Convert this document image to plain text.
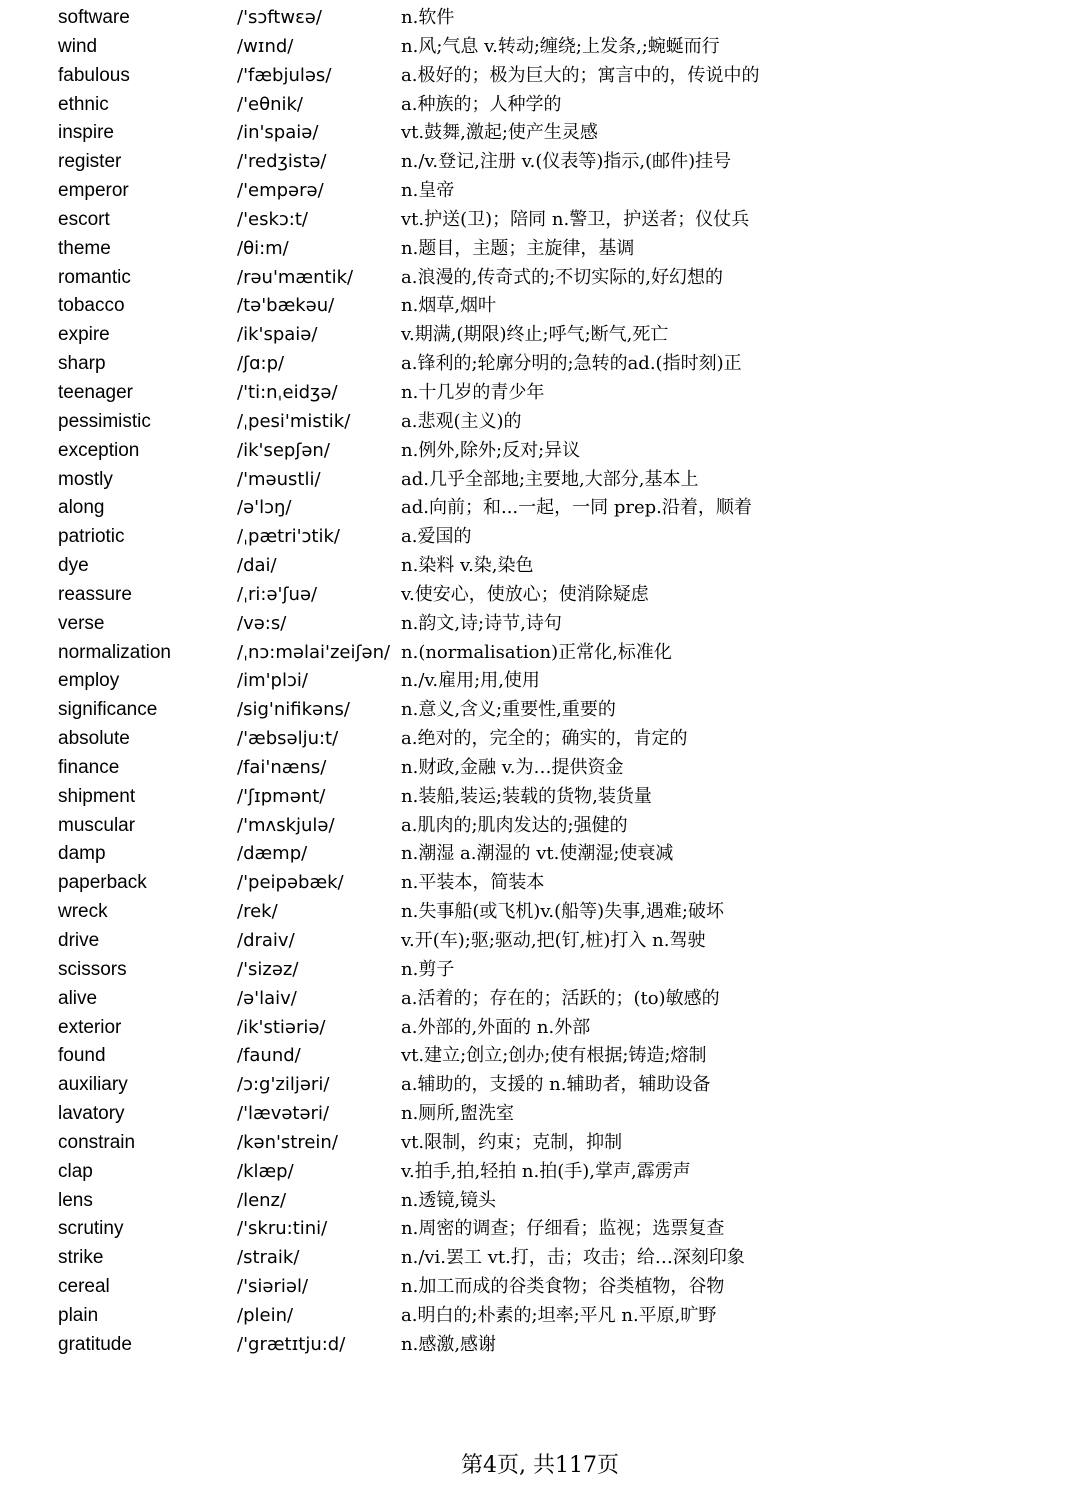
software	/'sɔftwεə/	n.软件
wind	/wɪnd/	n.风;气息 v.转动;缠绕;上发条,;蜿蜒而行
fabulous	/'fæbjuləs/	a.极好的；极为巨大的；寓言中的，传说中的
ethnic	/'eθnik/	a.种族的；人种学的
inspire	/in'spaiə/	vt.鼓舞,激起;使产生灵感
register	/'redʒistə/	n./v.登记,注册 v.(仪表等)指示,(邮件)挂号
emperor	/'empərə/	n.皇帝
escort	/'eskɔ:t/	vt.护送(卫)；陪同 n.警卫，护送者；仪仗兵
theme	/θi:m/	n.题目，主题；主旋律，基调
romantic	/rəu'mæntik/	a.浪漫的,传奇式的;不切实际的,好幻想的
tobacco	/tə'bækəu/	n.烟草,烟叶
expire	/ik'spaiə/	v.期满,(期限)终止;呼气;断气,死亡
sharp	/ʃɑ:p/	a.锋利的;轮廓分明的;急转的ad.(指时刻)正
teenager	/'ti:nˌeidʒə/	n.十几岁的青少年
pessimistic	/ˌpesi'mistik/	a.悲观(主义)的
exception	/ik'sepʃən/	n.例外,除外;反对;异议
mostly	/'məustli/	ad.几乎全部地;主要地,大部分,基本上
along	/ə'lɔŋ/	ad.向前；和...一起，一同 prep.沿着，顺着
patriotic	/ˌpætri'ɔtik/	a.爱国的
dye	/dai/	n.染料 v.染,染色
reassure	/ˌri:ə'ʃuə/	v.使安心，使放心；使消除疑虑
verse	/və:s/	n.韵文,诗;诗节,诗句
normalization	/ˌnɔ:məlai'zeiʃən/ n.(normalisation)正常化,标准化
employ	/im'plɔi/	n./v.雇用;用,使用
significance	/sig'nifikəns/	n.意义,含义;重要性,重要的
absolute	/'æbsəlju:t/	a.绝对的，完全的；确实的，肯定的
finance	/fai'næns/	n.财政,金融 v.为…提供资金
shipment	/'ʃɪpmənt/	n.装船,装运;装载的货物,装货量
muscular	/'mʌskjulə/	a.肌肉的;肌肉发达的;强健的
damp	/dæmp/	n.潮湿 a.潮湿的 vt.使潮湿;使衰减
paperback	/'peipəbæk/	n.平装本，简装本
wreck	/rek/	n.失事船(或飞机)v.(船等)失事,遇难;破坏
drive	/draiv/	v.开(车);驱;驱动,把(钉,桩)打入 n.驾驶
scissors	/'sizəz/	n.剪子
alive	/ə'laiv/	a.活着的；存在的；活跃的；(to)敏感的
exterior	/ik'stiəriə/	a.外部的,外面的 n.外部
found	/faund/	vt.建立;创立;创办;使有根据;铸造;熔制
auxiliary	/ɔ:g'ziljəri/	a.辅助的，支援的 n.辅助者，辅助设备
lavatory	/'lævətəri/	n.厕所,盥洗室
constrain	/kən'strein/	vt.限制，约束；克制，抑制
clap	/klæp/	v.拍手,拍,轻拍 n.拍(手),掌声,霹雳声
lens	/lenz/	n.透镜,镜头
scrutiny	/'skru:tini/	n.周密的调查；仔细看；监视；选票复查
strike	/straik/	n./vi.罢工 vt.打，击；攻击；给…深刻印象
cereal	/'siəriəl/	n.加工而成的谷类食物；谷类植物，谷物
plain	/plein/	a.明白的;朴素的;坦率;平凡 n.平原,旷野
gratitude	/'grætɪtju:d/	n.感激,感谢
第4页, 共117页
